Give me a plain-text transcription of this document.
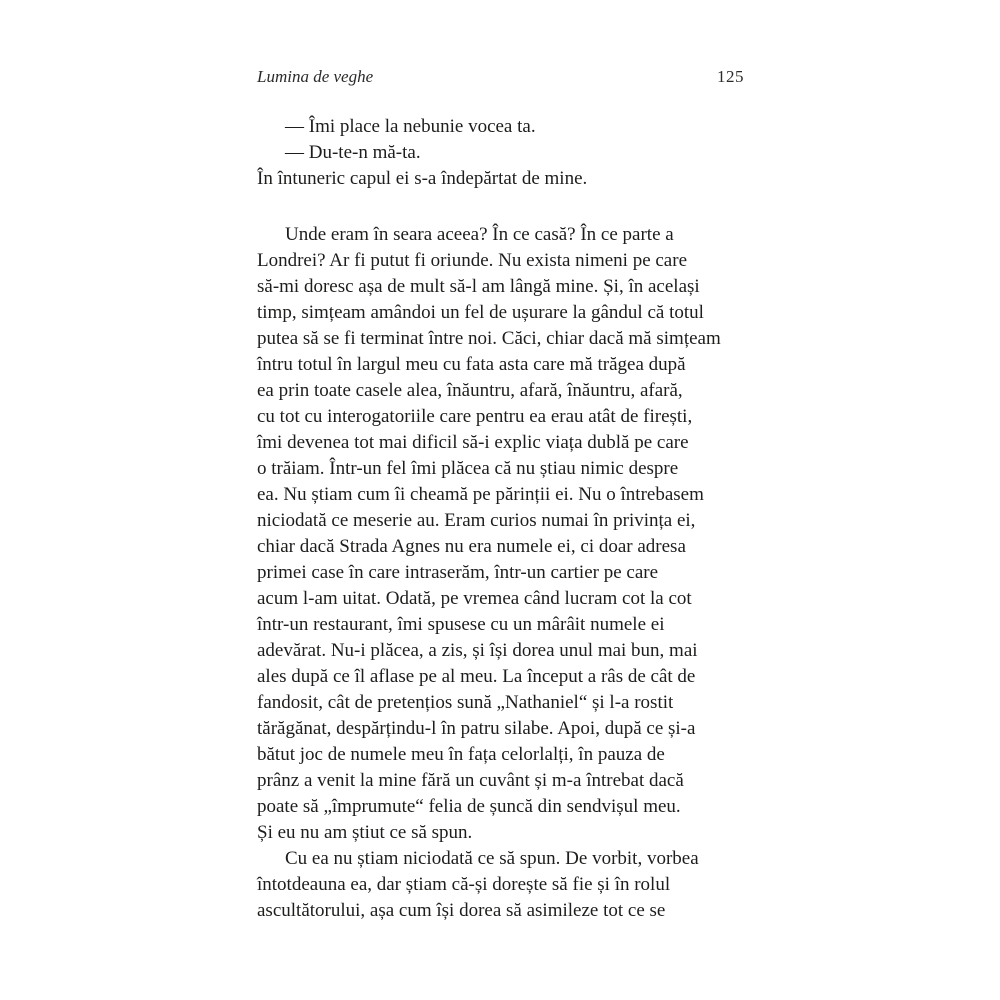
Lumina de veghe	125
— Îmi place la nebunie vocea ta.
— Du-te-n mă-ta.
În întuneric capul ei s-a îndepărtat de mine.
Unde eram în seara aceea? În ce casă? În ce parte a
Londrei? Ar fi putut fi oriunde. Nu exista nimeni pe care
să-mi doresc așa de mult să-l am lângă mine. Și, în același
timp, simțeam amândoi un fel de ușurare la gândul că totul
putea să se fi terminat între noi. Căci, chiar dacă mă simțeam
întru totul în largul meu cu fata asta care mă trăgea după
ea prin toate casele alea, înăuntru, afară, înăuntru, afară,
cu tot cu interogatoriile care pentru ea erau atât de firești,
îmi devenea tot mai dificil să-i explic viața dublă pe care
o trăiam. Într-un fel îmi plăcea că nu știau nimic despre
ea. Nu știam cum îi cheamă pe părinții ei. Nu o întrebasem
niciodată ce meserie au. Eram curios numai în privința ei,
chiar dacă Strada Agnes nu era numele ei, ci doar adresa
primei case în care intraserăm, într-un cartier pe care
acum l-am uitat. Odată, pe vremea când lucram cot la cot
într-un restaurant, îmi spusese cu un mârâit numele ei
adevărat. Nu-i plăcea, a zis, și își dorea unul mai bun, mai
ales după ce îl aflase pe al meu. La început a râs de cât de
fandosit, cât de pretențios sună „Nathaniel“ și l-a rostit
tărăgănat, despărțindu-l în patru silabe. Apoi, după ce și-a
bătut joc de numele meu în fața celorlalți, în pauza de
prânz a venit la mine fără un cuvânt și m-a întrebat dacă
poate să „împrumute“ felia de șuncă din sendvișul meu.
Și eu nu am știut ce să spun.
Cu ea nu știam niciodată ce să spun. De vorbit, vorbea
întotdeauna ea, dar știam că-și dorește să fie și în rolul
ascultătorului, așa cum își dorea să asimileze tot ce se
